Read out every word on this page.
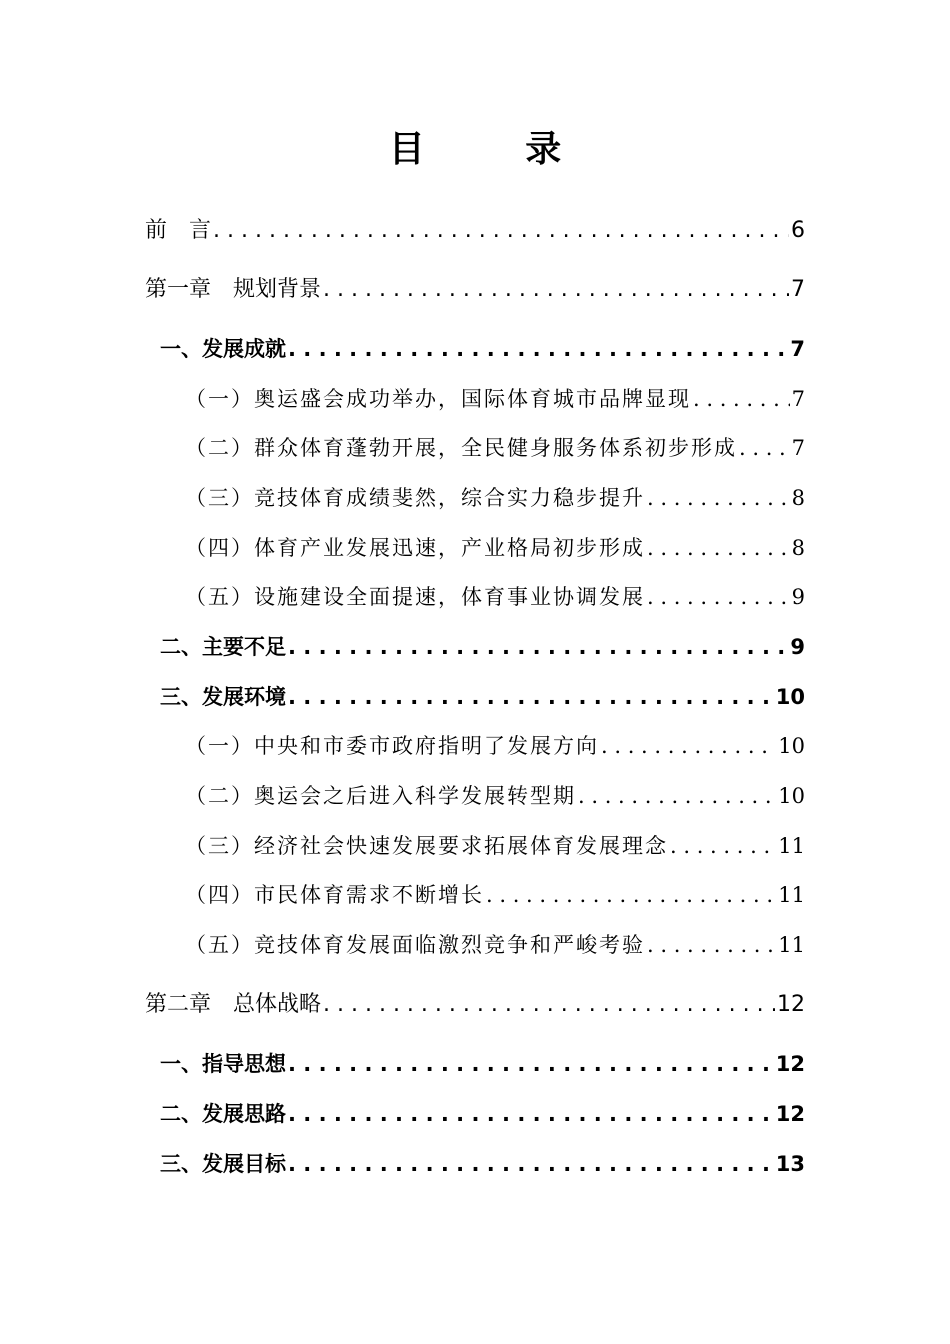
目 录
前　言 . . .	6
第一章　规划背景 . . .	7
一、发展成就 . . .	7
（一）奥运盛会成功举办，国际体育城市品牌显现 . . .	7
（二）群众体育蓬勃开展，全民健身服务体系初步形成 . . .	7
（三）竞技体育成绩斐然，综合实力稳步提升 . . .	8
（四）体育产业发展迅速，产业格局初步形成 . . .	8
（五）设施建设全面提速，体育事业协调发展 . . .	9
二、主要不足 . . .	9
三、发展环境 . . .	10
（一）中央和市委市政府指明了发展方向 . . .	10
（二）奥运会之后进入科学发展转型期 . . .	10
（三）经济社会快速发展要求拓展体育发展理念 . . .	11
（四）市民体育需求不断增长 . . .	11
（五）竞技体育发展面临激烈竞争和严峻考验 . . .	11
第二章　总体战略 . . .	12
一、指导思想 . . .	12
二、发展思路 . . .	12
三、发展目标 . . .	13
